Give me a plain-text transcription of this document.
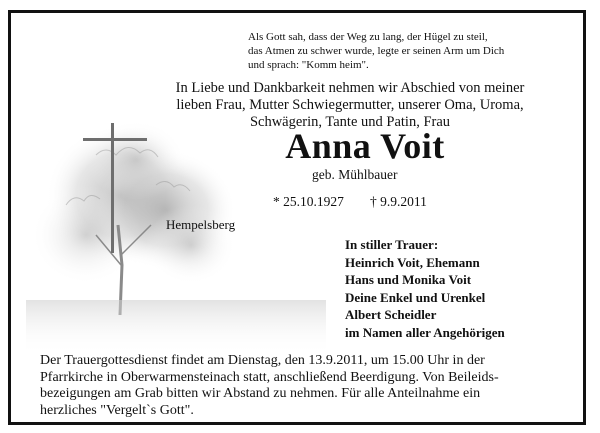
Als Gott sah, dass der Weg zu lang, der Hügel zu steil,
das Atmen zu schwer wurde, legte er seinen Arm um Dich
und sprach: "Komm heim".
In Liebe und Dankbarkeit nehmen wir Abschied von meiner
lieben Frau, Mutter Schwiegermutter, unserer Oma, Uroma,
Schwägerin, Tante und Patin, Frau
Anna Voit
geb. Mühlbauer
* 25.10.1927 † 9.9.2011
Hempelsberg
In stiller Trauer:
Heinrich Voit, Ehemann
Hans und Monika Voit
Deine Enkel und Urenkel
Albert Scheidler
im Namen aller Angehörigen
Der Trauergottesdienst findet am Dienstag, den 13.9.2011, um 15.00 Uhr in der
Pfarrkirche in Oberwarmensteinach statt, anschließend Beerdigung. Von Beileids-
bezeigungen am Grab bitten wir Abstand zu nehmen. Für alle Anteilnahme ein
herzliches "Vergelt`s Gott".
